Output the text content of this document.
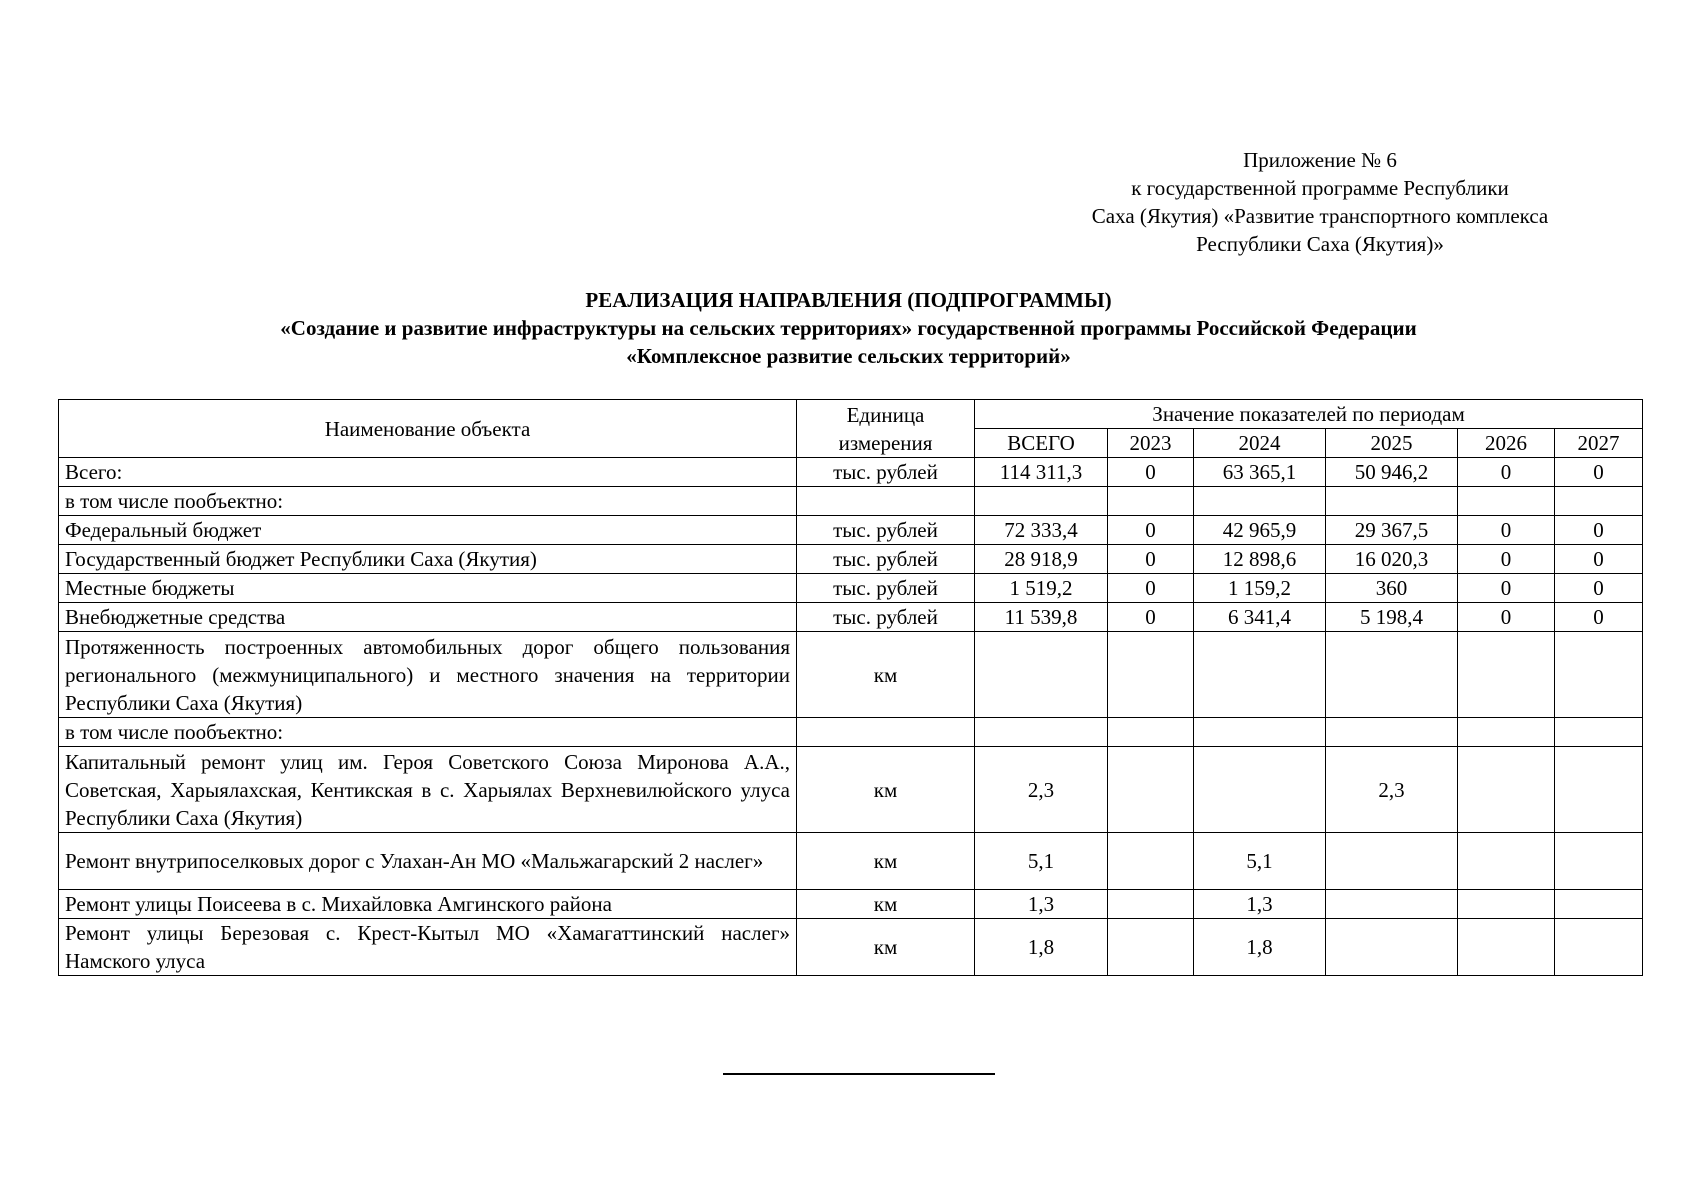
Приложение № 6
к государственной программе Республики
Саха (Якутия) «Развитие транспортного комплекса
Республики Саха (Якутия)»
РЕАЛИЗАЦИЯ НАПРАВЛЕНИЯ (ПОДПРОГРАММЫ)
«Создание и развитие инфраструктуры на сельских территориях» государственной программы Российской Федерации
«Комплексное развитие сельских территорий»
Наименование объекта	Единица измерения	Значение показателей по периодам					
		ВСЕГО	2023	2024	2025	2026	2027
Всего:	тыс. рублей	114 311,3	0	63 365,1	50 946,2	0	0
в том числе пообъектно:							
Федеральный бюджет	тыс. рублей	72 333,4	0	42 965,9	29 367,5	0	0
Государственный бюджет Республики Саха (Якутия)	тыс. рублей	28 918,9	0	12 898,6	16 020,3	0	0
Местные бюджеты	тыс. рублей	1 519,2	0	1 159,2	360	0	0
Внебюджетные средства	тыс. рублей	11 539,8	0	6 341,4	5 198,4	0	0
Протяженность построенных автомобильных дорог общего пользования регионального (межмуниципального) и местного значения на территории Республики Саха (Якутия)	км						
в том числе пообъектно:							
Капитальный ремонт улиц им. Героя Советского Союза Миронова А.А., Советская, Харыялахская, Кентикская в с. Харыялах Верхневилюйского улуса Республики Саха (Якутия)	км	2,3			2,3		
Ремонт внутрипоселковых дорог с Улахан-Ан МО «Мальжагарский 2 наслег»	км	5,1		5,1			
Ремонт улицы Поисеева в с. Михайловка Амгинского района	км	1,3		1,3			
Ремонт улицы Березовая с. Крест-Кытыл МО «Хамагаттинский наслег» Намского улуса	км	1,8		1,8			
